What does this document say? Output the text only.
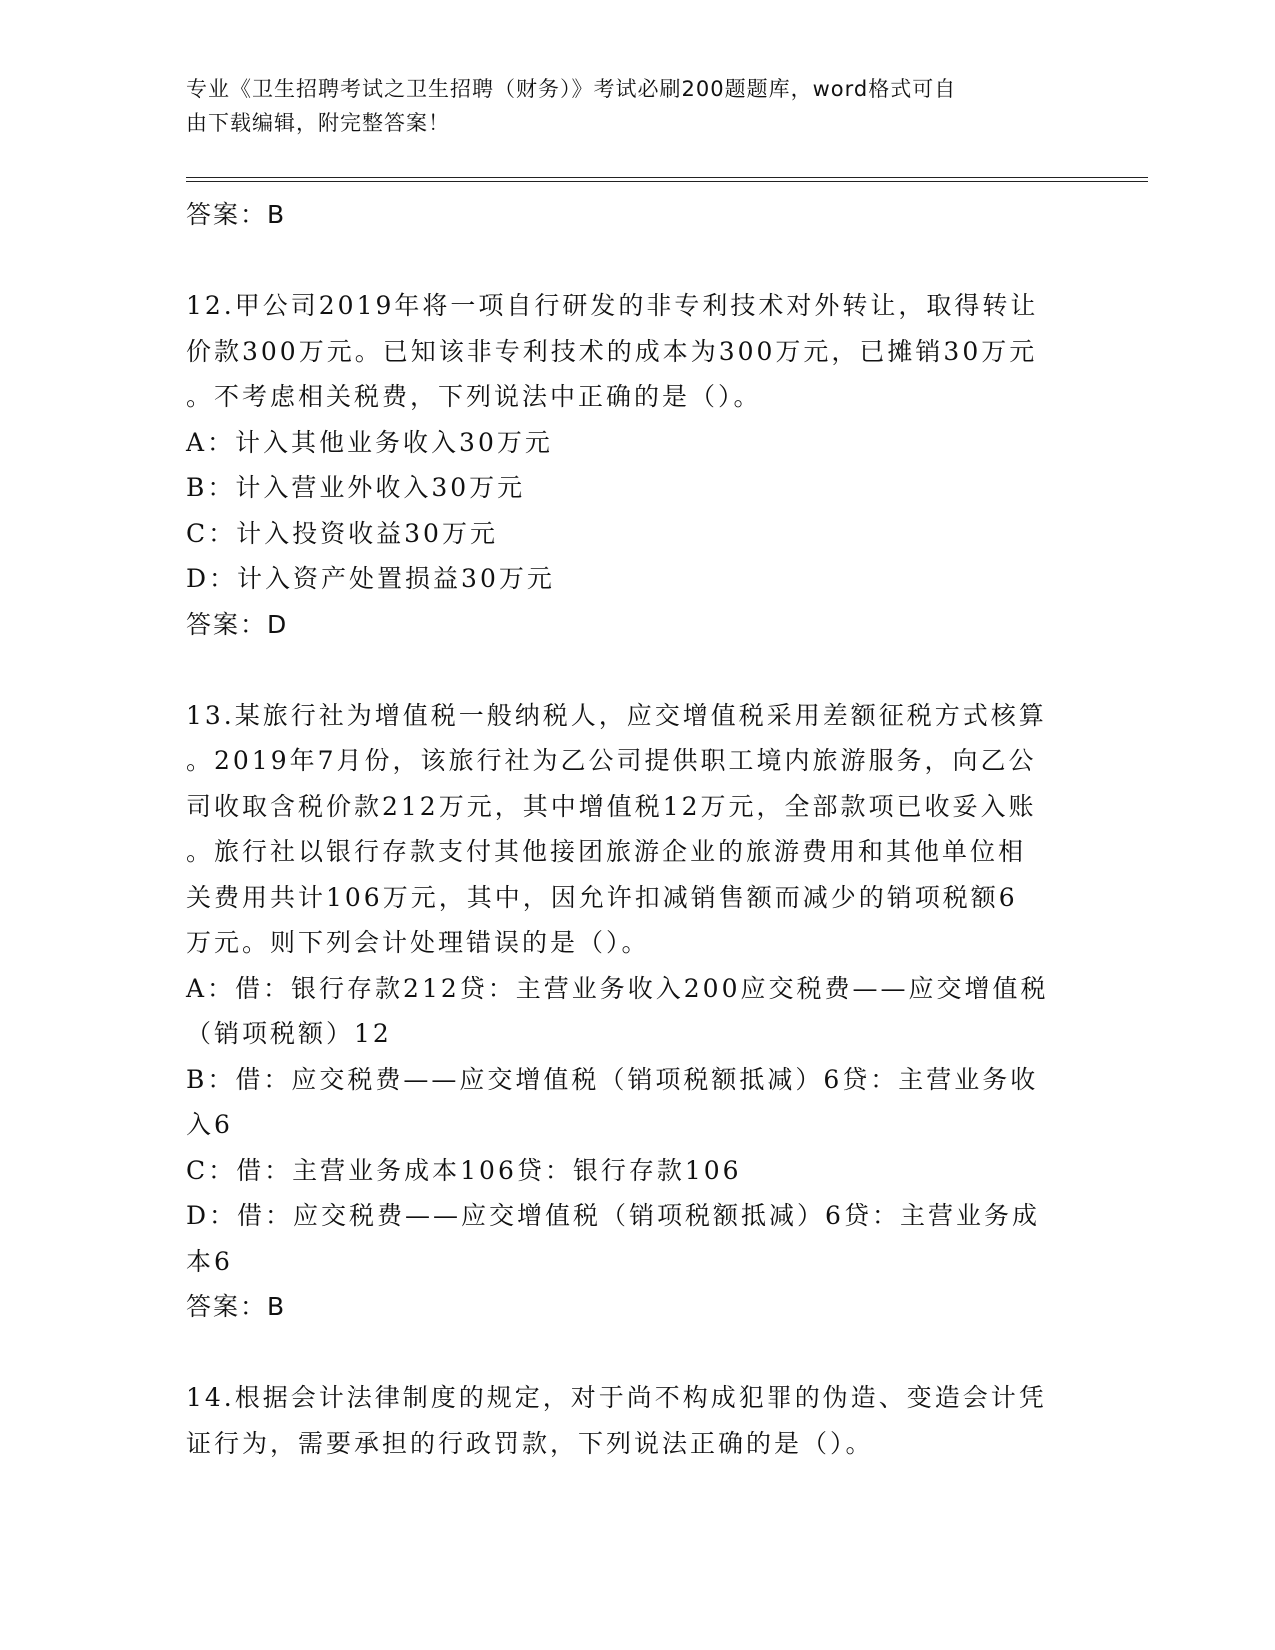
专业《卫生招聘考试之卫生招聘（财务）》考试必刷200题题库，word格式可自
由下载编辑，附完整答案！

答案：B

12.甲公司2019年将一项自行研发的非专利技术对外转让，取得转让

价款300万元。已知该非专利技术的成本为300万元，已摊销30万元

。不考虑相关税费，下列说法中正确的是（）。

A：计入其他业务收入30万元

B：计入营业外收入30万元

C：计入投资收益30万元

D：计入资产处置损益30万元

答案：D

13.某旅行社为增值税一般纳税人，应交增值税采用差额征税方式核算

。2019年7月份，该旅行社为乙公司提供职工境内旅游服务，向乙公

司收取含税价款212万元，其中增值税12万元，全部款项已收妥入账

。旅行社以银行存款支付其他接团旅游企业的旅游费用和其他单位相

关费用共计106万元，其中，因允许扣减销售额而减少的销项税额6

万元。则下列会计处理错误的是（）。

A：借：银行存款212贷：主营业务收入200应交税费——应交增值税

（销项税额）12

B：借：应交税费——应交增值税（销项税额抵减）6贷：主营业务收

入6

C：借：主营业务成本106贷：银行存款106

D：借：应交税费——应交增值税（销项税额抵减）6贷：主营业务成

本6

答案：B

14.根据会计法律制度的规定，对于尚不构成犯罪的伪造、变造会计凭

证行为，需要承担的行政罚款，下列说法正确的是（）。
